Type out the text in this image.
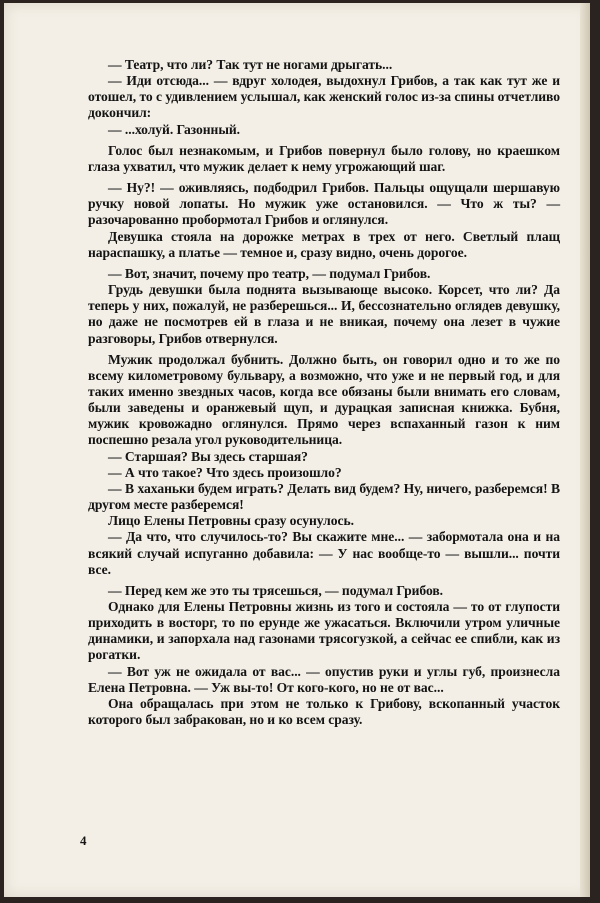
— Театр, что ли? Так тут не ногами дрыгать...

— Иди отсюда... — вдруг холодея, выдохнул Грибов, а так как тут же и отошел, то с удивлением услышал, как женский голос из-за спины отчетливо докончил:

— ...холуй. Газонный.

Голос был незнакомым, и Грибов повернул было голову, но краешком глаза ухватил, что мужик делает к нему угрожающий шаг.

— Ну?! — оживляясь, подбодрил Грибов. Пальцы ощущали шершавую ручку новой лопаты. Но мужик уже остановился. — Что ж ты? — разочарованно пробормотал Грибов и оглянулся.

Девушка стояла на дорожке метрах в трех от него. Светлый плащ нараспашку, а платье — темное и, сразу видно, очень дорогое.

— Вот, значит, почему про театр, — подумал Грибов.

Грудь девушки была поднята вызывающе высоко. Корсет, что ли? Да теперь у них, пожалуй, не разберешься... И, бессознательно оглядев девушку, но даже не посмотрев ей в глаза и не вникая, почему она лезет в чужие разговоры, Грибов отвернулся.

Мужик продолжал бубнить. Должно быть, он говорил одно и то же по всему километровому бульвару, а возможно, что уже и не первый год, и для таких именно звездных часов, когда все обязаны были внимать его словам, были заведены и оранжевый щуп, и дурацкая записная книжка. Бубня, мужик кровожадно оглянулся. Прямо через вспаханный газон к ним поспешно резала угол руководительница.

— Старшая? Вы здесь старшая?

— А что такое? Что здесь произошло?

— В хаханьки будем играть? Делать вид будем? Ну, ничего, разберемся! В другом месте разберемся!

Лицо Елены Петровны сразу осунулось.

— Да что, что случилось-то? Вы скажите мне... — забормотала она и на всякий случай испуганно добавила: — У нас вообще-то — вышли... почти все.

— Перед кем же это ты трясешься, — подумал Грибов.

Однако для Елены Петровны жизнь из того и состояла — то от глупости приходить в восторг, то по ерунде же ужасаться. Включили утром уличные динамики, и запорхала над газонами трясогузкой, а сейчас ее спибли, как из рогатки.

— Вот уж не ожидала от вас... — опустив руки и углы губ, произнесла Елена Петровна. — Уж вы-то! От кого-кого, но не от вас...

Она обращалась при этом не только к Грибову, вскопанный участок которого был забракован, но и ко всем сразу.

4
